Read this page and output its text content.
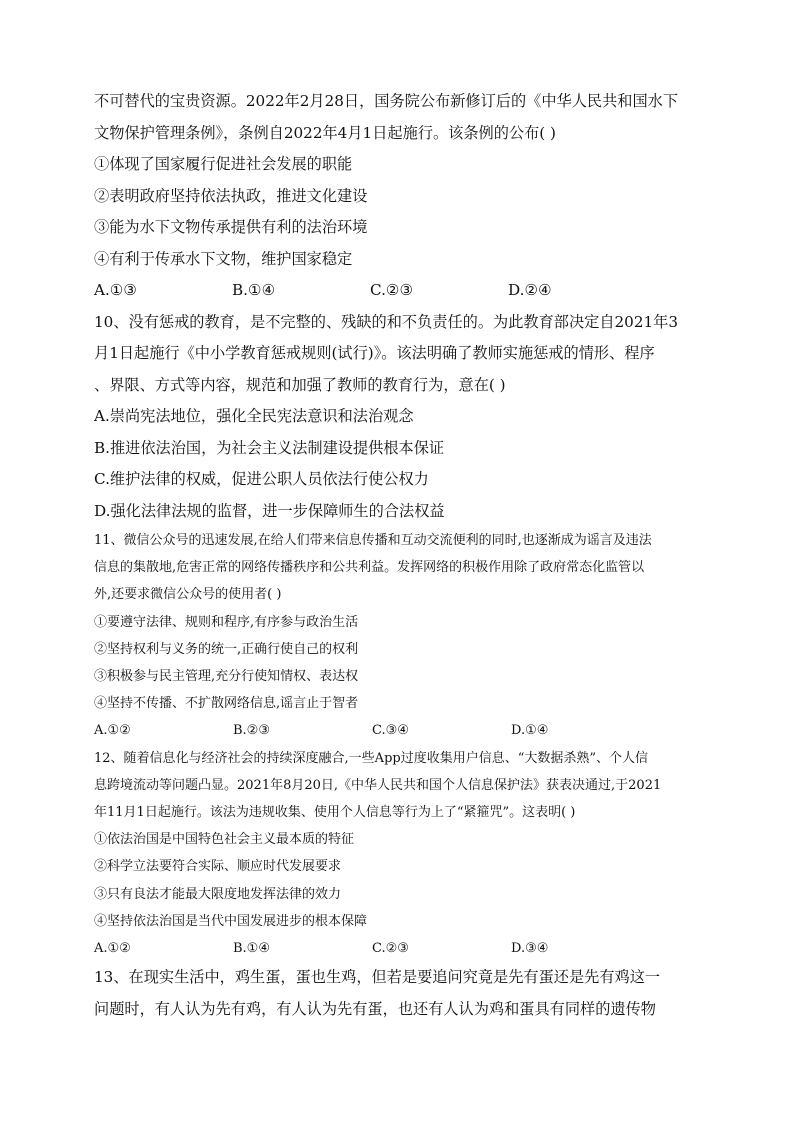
不可替代的宝贵资源。2022年2月28日，国务院公布新修订后的《中华人民共和国水下
文物保护管理条例》，条例自2022年4月1日起施行。该条例的公布( )
①体现了国家履行促进社会发展的职能
②表明政府坚持依法执政，推进文化建设
③能为水下文物传承提供有利的法治环境
④有利于传承水下文物，维护国家稳定
A.①③	B.①④	C.②③	D.②④
10、没有惩戒的教育，是不完整的、残缺的和不负责任的。为此教育部决定自2021年3
月1日起施行《中小学教育惩戒规则(试行)》。该法明确了教师实施惩戒的情形、程序
、界限、方式等内容，规范和加强了教师的教育行为，意在( )
A.崇尚宪法地位，强化全民宪法意识和法治观念
B.推进依法治国，为社会主义法制建设提供根本保证
C.维护法律的权威，促进公职人员依法行使公权力
D.强化法律法规的监督，进一步保障师生的合法权益
11、微信公众号的迅速发展,在给人们带来信息传播和互动交流便利的同时,也逐渐成为谣言及违法
信息的集散地,危害正常的网络传播秩序和公共利益。发挥网络的积极作用除了政府常态化监管以
外,还要求微信公众号的使用者( )
①要遵守法律、规则和程序,有序参与政治生活
②坚持权利与义务的统一,正确行使自己的权利
③积极参与民主管理,充分行使知情权、表达权
④坚持不传播、不扩散网络信息,谣言止于智者
A.①②	B.②③	C.③④	D.①④
12、随着信息化与经济社会的持续深度融合,一些App过度收集用户信息、“大数据杀熟”、个人信
息跨境流动等问题凸显。2021年8月20日,《中华人民共和国个人信息保护法》获表决通过,于2021
年11月1日起施行。该法为违规收集、使用个人信息等行为上了“紧箍咒”。这表明( )
①依法治国是中国特色社会主义最本质的特征
②科学立法要符合实际、顺应时代发展要求
③只有良法才能最大限度地发挥法律的效力
④坚持依法治国是当代中国发展进步的根本保障
A.①②	B.①④	C.②③	D.③④
13、在现实生活中，鸡生蛋，蛋也生鸡，但若是要追问究竟是先有蛋还是先有鸡这一
问题时，有人认为先有鸡，有人认为先有蛋，也还有人认为鸡和蛋具有同样的遗传物
